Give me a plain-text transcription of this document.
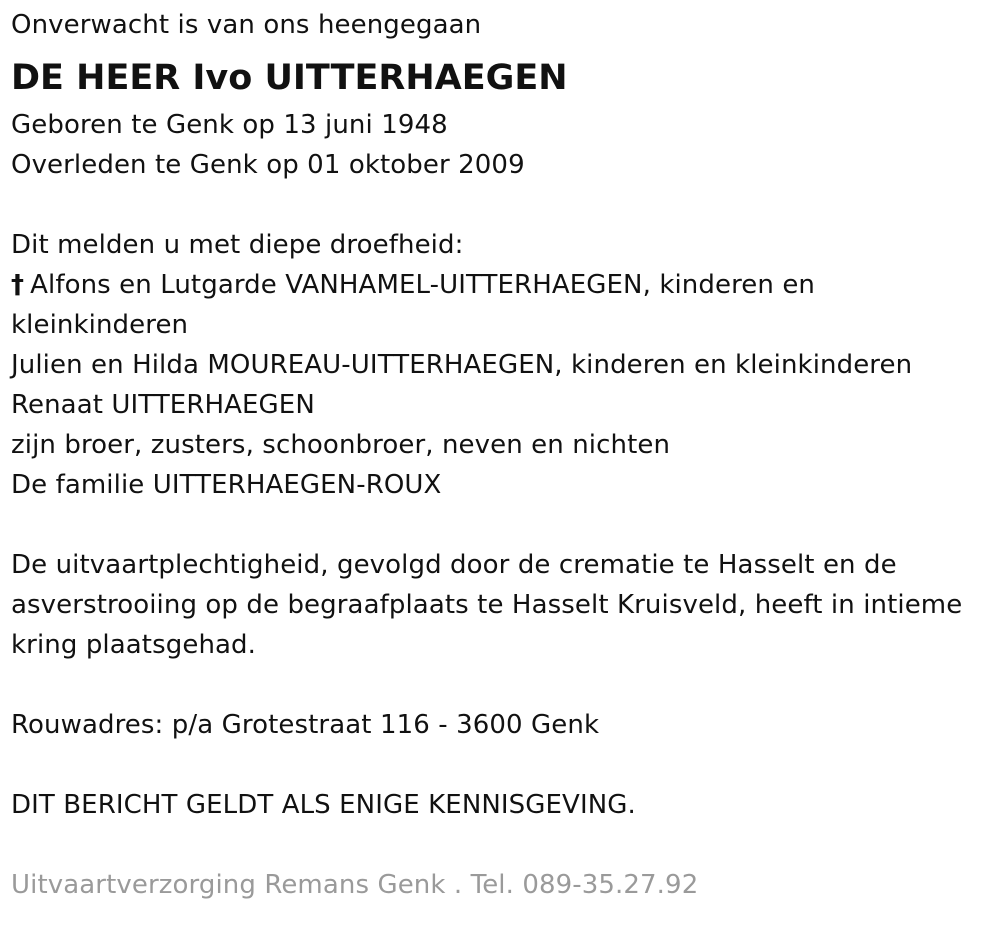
Onverwacht is van ons heengegaan
DE HEER Ivo UITTERHAEGEN
Geboren te Genk op 13 juni 1948
Overleden te Genk op 01 oktober 2009
Dit melden u met diepe droefheid:
† Alfons en Lutgarde VANHAMEL-UITTERHAEGEN, kinderen en
kleinkinderen
Julien en Hilda MOUREAU-UITTERHAEGEN, kinderen en kleinkinderen
Renaat UITTERHAEGEN
zijn broer, zusters, schoonbroer, neven en nichten
De familie UITTERHAEGEN-ROUX
De uitvaartplechtigheid, gevolgd door de crematie te Hasselt en de
asverstrooiing op de begraafplaats te Hasselt Kruisveld, heeft in intieme
kring plaatsgehad.
Rouwadres: p/a Grotestraat 116 - 3600 Genk
DIT BERICHT GELDT ALS ENIGE KENNISGEVING.
Uitvaartverzorging Remans Genk . Tel. 089-35.27.92
